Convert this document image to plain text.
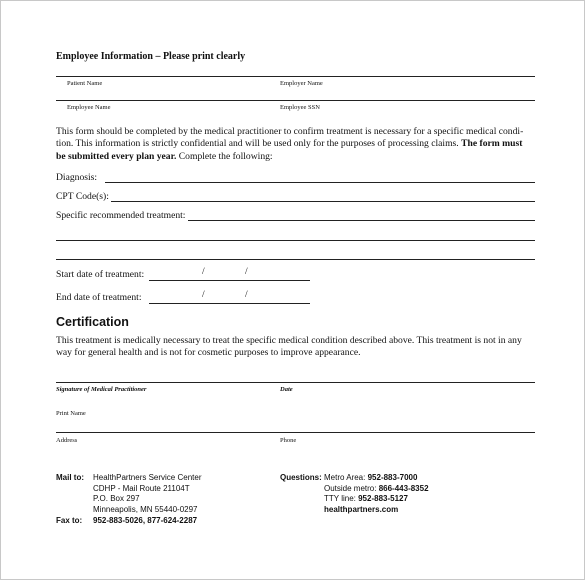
Employee Information – Please print clearly
Patient Name	Employer Name
Employee Name	Employee SSN
This form should be completed by the medical practitioner to confirm treatment is necessary for a specific medical condi-
tion. This information is strictly confidential and will be used only for the purposes of processing claims. The form must
be submitted every plan year. Complete the following:
Diagnosis:
CPT Code(s):
Specific recommended treatment:
Start date of treatment:	/	/
End date of treatment:	/	/
Certification
This treatment is medically necessary to treat the specific medical condition described above. This treatment is not in any
way for general health and is not for cosmetic purposes to improve appearance.
Signature of Medical Practitioner	Date
Print Name
Address	Phone
Mail to: HealthPartners Service Center
CDHP - Mail Route 21104T
P.O. Box 297
Minneapolis, MN 55440-0297
Fax to: 952-883-5026, 877-624-2287
Questions: Metro Area: 952-883-7000
Outside metro: 866-443-8352
TTY line: 952-883-5127
healthpartners.com
